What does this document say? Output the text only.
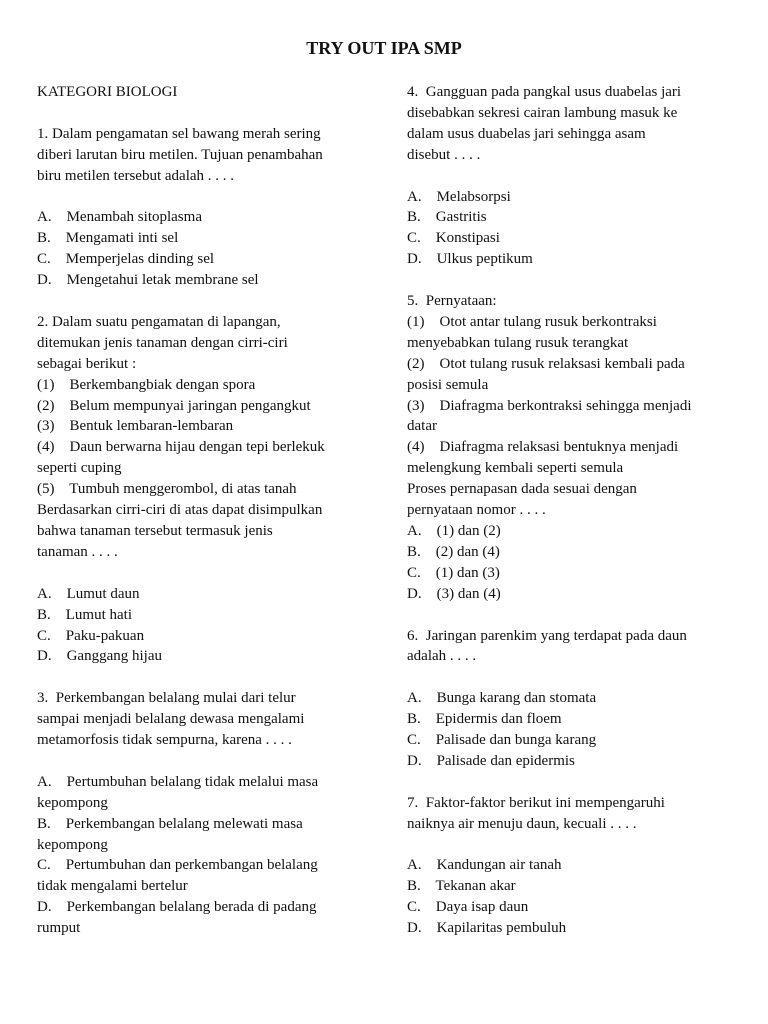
TRY OUT IPA SMP
KATEGORI BIOLOGI
1. Dalam pengamatan sel bawang merah sering
diberi larutan biru metilen. Tujuan penambahan
biru metilen tersebut adalah . . . .
A.    Menambah sitoplasma
B.    Mengamati inti sel
C.    Memperjelas dinding sel
D.    Mengetahui letak membrane sel
2. Dalam suatu pengamatan di lapangan,
ditemukan jenis tanaman dengan cirri-ciri
sebagai berikut :
(1)    Berkembangbiak dengan spora
(2)    Belum mempunyai jaringan pengangkut
(3)    Bentuk lembaran-lembaran
(4)    Daun berwarna hijau dengan tepi berlekuk
seperti cuping
(5)    Tumbuh menggerombol, di atas tanah
Berdasarkan cirri-ciri di atas dapat disimpulkan
bahwa tanaman tersebut termasuk jenis
tanaman . . . .
A.    Lumut daun
B.    Lumut hati
C.    Paku-pakuan
D.    Ganggang hijau
3.  Perkembangan belalang mulai dari telur
sampai menjadi belalang dewasa mengalami
metamorfosis tidak sempurna, karena . . . .
A.    Pertumbuhan belalang tidak melalui masa
kepompong
B.    Perkembangan belalang melewati masa
kepompong
C.    Pertumbuhan dan perkembangan belalang
tidak mengalami bertelur
D.    Perkembangan belalang berada di padang
rumput
4.  Gangguan pada pangkal usus duabelas jari
disebabkan sekresi cairan lambung masuk ke
dalam usus duabelas jari sehingga asam
disebut . . . .
A.    Melabsorpsi
B.    Gastritis
C.    Konstipasi
D.    Ulkus peptikum
5.  Pernyataan:
(1)    Otot antar tulang rusuk berkontraksi
menyebabkan tulang rusuk terangkat
(2)    Otot tulang rusuk relaksasi kembali pada
posisi semula
(3)    Diafragma berkontraksi sehingga menjadi
datar
(4)    Diafragma relaksasi bentuknya menjadi
melengkung kembali seperti semula
Proses pernapasan dada sesuai dengan
pernyataan nomor . . . .
A.    (1) dan (2)
B.    (2) dan (4)
C.    (1) dan (3)
D.    (3) dan (4)
6.  Jaringan parenkim yang terdapat pada daun
adalah . . . .
A.    Bunga karang dan stomata
B.    Epidermis dan floem
C.    Palisade dan bunga karang
D.    Palisade dan epidermis
7.  Faktor-faktor berikut ini mempengaruhi
naiknya air menuju daun, kecuali . . . .
A.    Kandungan air tanah
B.    Tekanan akar
C.    Daya isap daun
D.    Kapilaritas pembuluh
